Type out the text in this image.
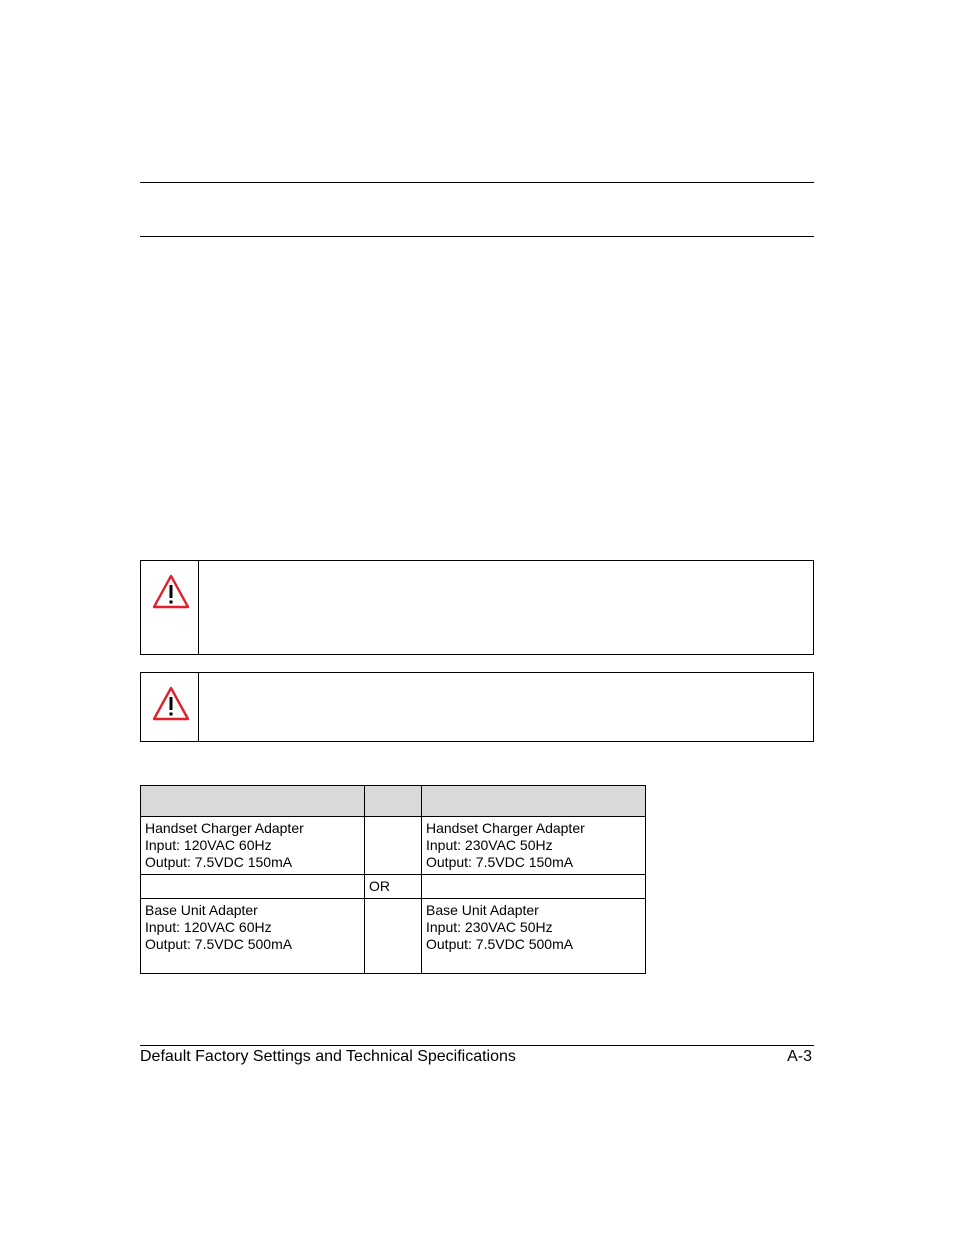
Handset Charger Adapter
Input: 120VAC 60Hz
Output: 7.5VDC 150mA		Handset Charger Adapter
Input: 230VAC 50Hz
Output: 7.5VDC 150mA

	OR	

Base Unit Adapter
Input: 120VAC 60Hz
Output: 7.5VDC 500mA		Base Unit Adapter
Input: 230VAC 50Hz
Output: 7.5VDC 500mA
Default Factory Settings and Technical Specifications	A-3
